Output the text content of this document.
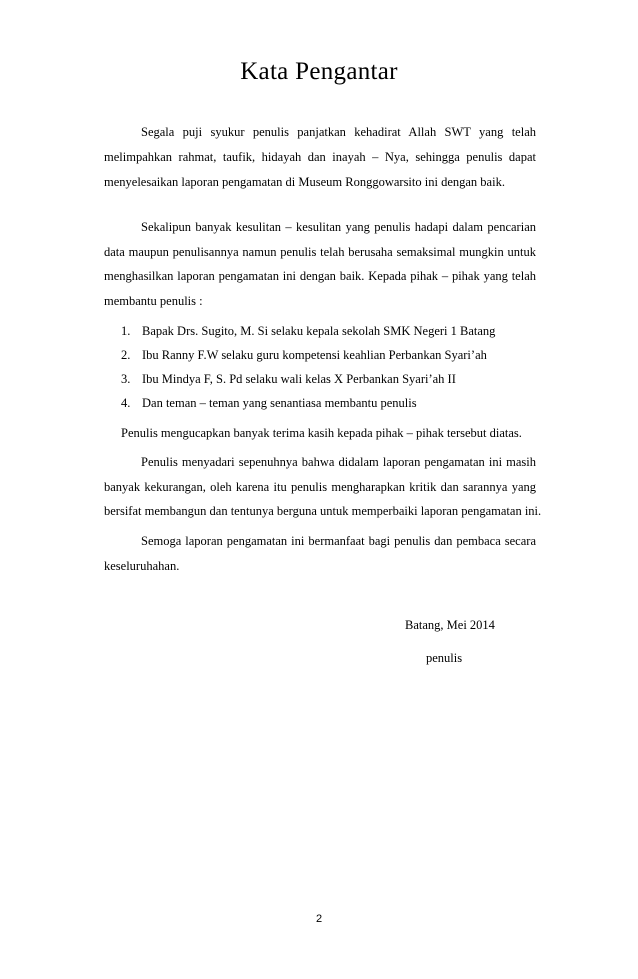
Kata Pengantar
Segala puji syukur penulis panjatkan kehadirat Allah SWT yang telah
melimpahkan rahmat, taufik, hidayah dan inayah – Nya, sehingga penulis dapat
menyelesaikan laporan pengamatan di Museum Ronggowarsito ini dengan baik.
Sekalipun banyak kesulitan – kesulitan yang penulis hadapi dalam pencarian
data maupun penulisannya namun penulis telah berusaha semaksimal mungkin untuk
menghasilkan laporan pengamatan ini dengan baik. Kepada pihak – pihak yang telah
membantu penulis :
1. Bapak Drs. Sugito, M. Si selaku kepala sekolah SMK Negeri 1 Batang
2. Ibu Ranny F.W selaku guru kompetensi keahlian Perbankan Syari’ah
3. Ibu Mindya F, S. Pd selaku wali kelas X Perbankan Syari’ah II
4. Dan teman – teman yang senantiasa membantu penulis
Penulis mengucapkan banyak terima kasih kepada pihak – pihak tersebut diatas.
Penulis menyadari sepenuhnya bahwa didalam laporan pengamatan ini masih
banyak kekurangan, oleh karena itu penulis mengharapkan kritik dan sarannya yang
bersifat membangun dan tentunya berguna untuk memperbaiki laporan pengamatan ini.
Semoga laporan pengamatan ini bermanfaat bagi penulis dan pembaca secara
keseluruhahan.
Batang, Mei 2014
penulis
2
